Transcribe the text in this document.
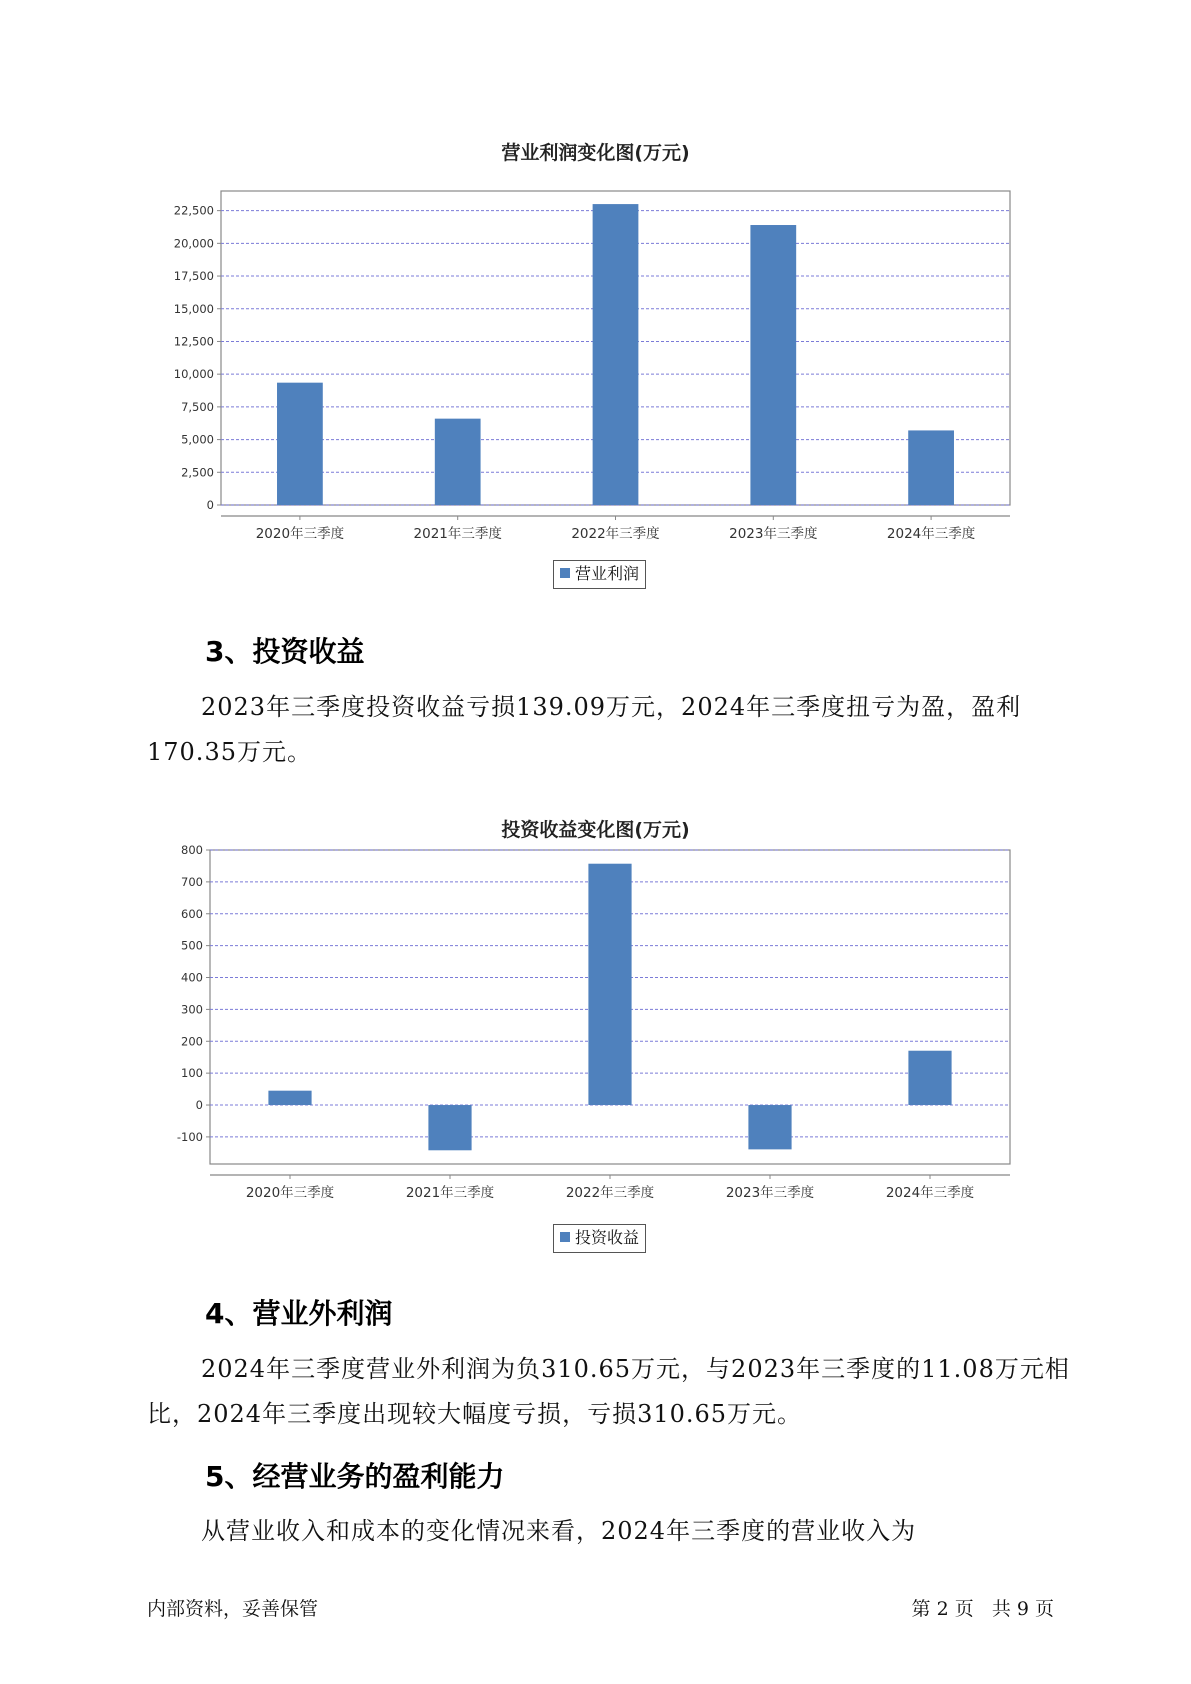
营业利润变化图(万元)
0
2,500
5,000
7,500
10,000
12,500
15,000
17,500
20,000
22,500
2020年三季度	2021年三季度	2022年三季度	2023年三季度	2024年三季度
营业利润
3、投资收益

2023年三季度投资收益亏损139.09万元，2024年三季度扭亏为盈，盈利170.35万元。

投资收益变化图(万元)
-100
0
100
200
300
400
500
600
700
800
2020年三季度	2021年三季度	2022年三季度	2023年三季度	2024年三季度
投资收益
4、营业外利润

2024年三季度营业外利润为负310.65万元，与2023年三季度的11.08万元相比，2024年三季度出现较大幅度亏损，亏损310.65万元。

5、经营业务的盈利能力

从营业收入和成本的变化情况来看，2024年三季度的营业收入为

内部资料，妥善保管	第 2 页   共 9 页
